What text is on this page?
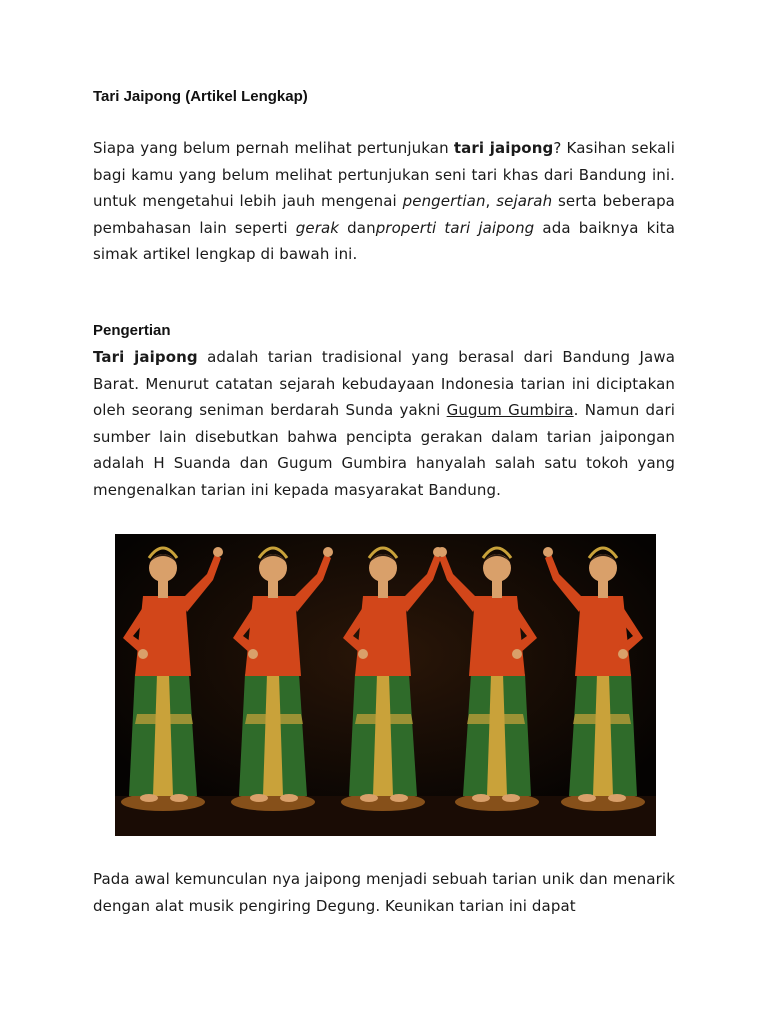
Tari Jaipong (Artikel Lengkap)
Siapa yang belum pernah melihat pertunjukan tari jaipong? Kasihan sekali bagi kamu yang belum melihat pertunjukan seni tari khas dari Bandung ini. untuk mengetahui lebih jauh mengenai pengertian, sejarah serta beberapa pembahasan lain seperti gerak danproperti tari jaipong ada baiknya kita simak artikel lengkap di bawah ini.
Pengertian
Tari jaipong adalah tarian tradisional yang berasal dari Bandung Jawa Barat. Menurut catatan sejarah kebudayaan Indonesia tarian ini diciptakan oleh seorang seniman berdarah Sunda yakni Gugum Gumbira. Namun dari sumber lain disebutkan bahwa pencipta gerakan dalam tarian jaipongan adalah H Suanda dan Gugum Gumbira hanyalah salah satu tokoh yang mengenalkan tarian ini kepada masyarakat Bandung.
Pada awal kemunculan nya jaipong menjadi sebuah tarian unik dan menarik dengan alat musik pengiring Degung. Keunikan tarian ini dapat
